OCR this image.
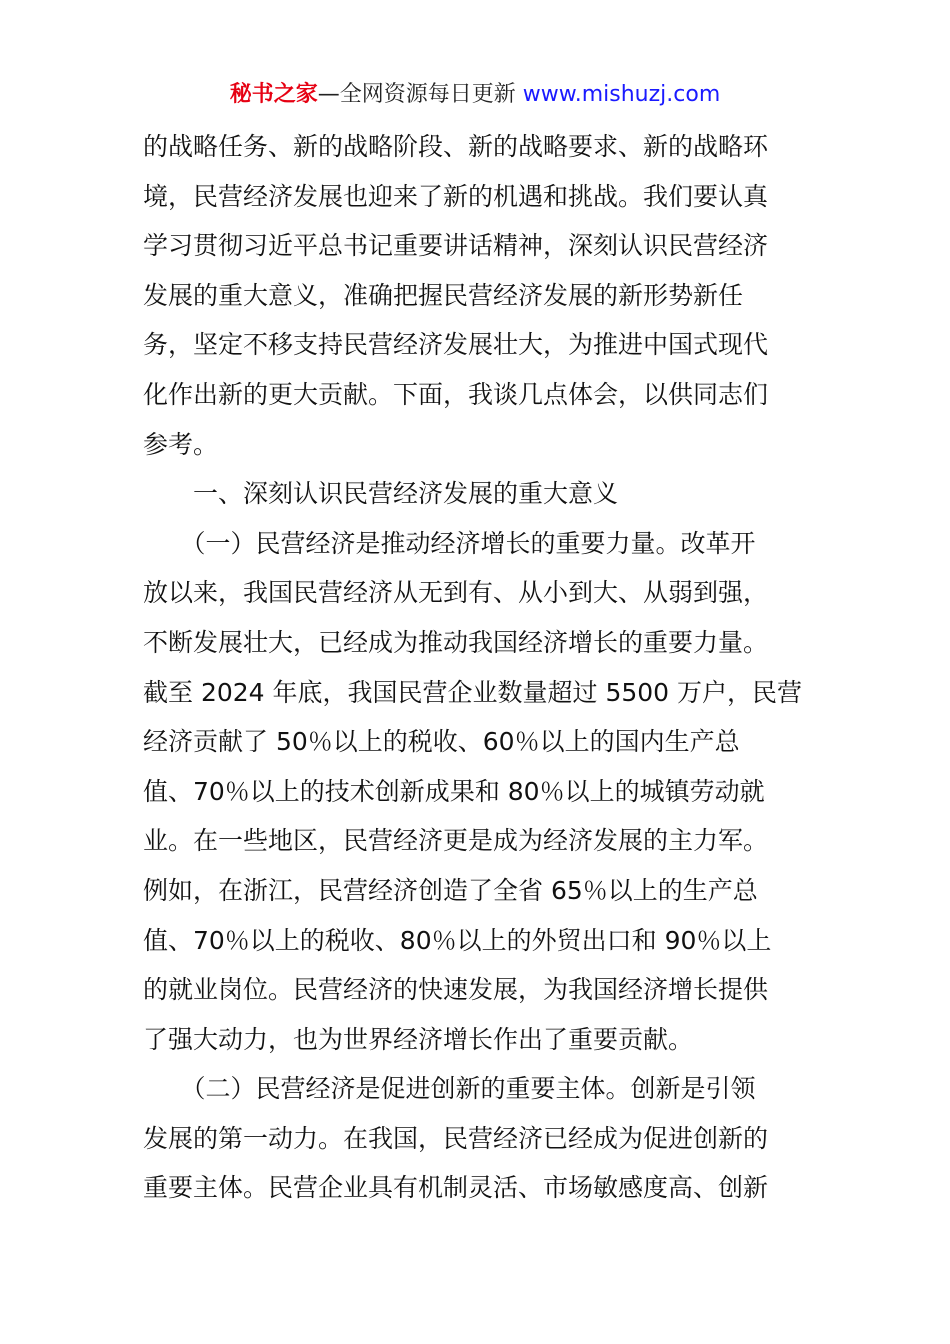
秘书之家—全网资源每日更新 www.mishuzj.com
的战略任务、新的战略阶段、新的战略要求、新的战略环
境，民营经济发展也迎来了新的机遇和挑战。我们要认真
学习贯彻习近平总书记重要讲话精神，深刻认识民营经济
发展的重大意义，准确把握民营经济发展的新形势新任
务，坚定不移支持民营经济发展壮大，为推进中国式现代
化作出新的更大贡献。下面，我谈几点体会，以供同志们
参考。
　　一、深刻认识民营经济发展的重大意义
　　（一）民营经济是推动经济增长的重要力量。改革开
放以来，我国民营经济从无到有、从小到大、从弱到强，
不断发展壮大，已经成为推动我国经济增长的重要力量。
截至 2024 年底，我国民营企业数量超过 5500 万户，民营
经济贡献了 50％以上的税收、60％以上的国内生产总
值、70％以上的技术创新成果和 80％以上的城镇劳动就
业。在一些地区，民营经济更是成为经济发展的主力军。
例如，在浙江，民营经济创造了全省 65％以上的生产总
值、70％以上的税收、80％以上的外贸出口和 90％以上
的就业岗位。民营经济的快速发展，为我国经济增长提供
了强大动力，也为世界经济增长作出了重要贡献。
　　（二）民营经济是促进创新的重要主体。创新是引领
发展的第一动力。在我国，民营经济已经成为促进创新的
重要主体。民营企业具有机制灵活、市场敏感度高、创新
